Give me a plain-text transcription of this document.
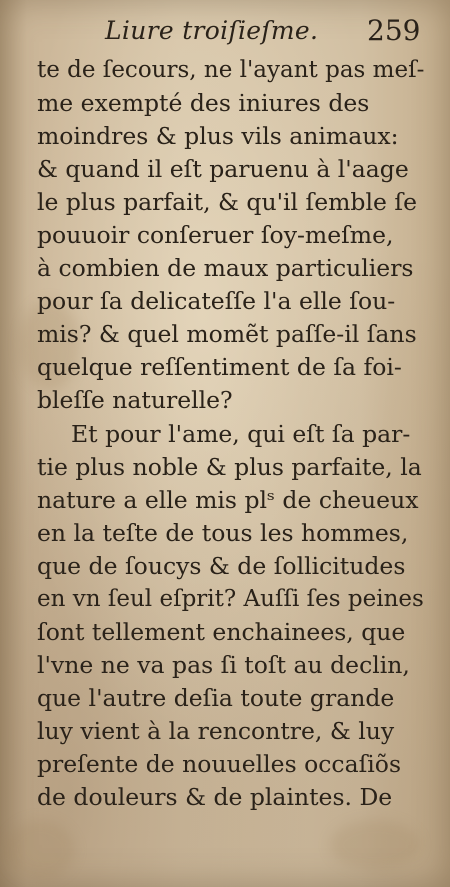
Liure troiſieſme. 259
te de ſecours, ne l'ayant pas meſ-
me exempté des iniures des
moindres & plus vils animaux:
& quand il eſt paruenu à l'aage
le plus parfait, & qu'il ſemble ſe
pouuoir conſeruer ſoy-meſme,
à combien de maux particuliers
pour ſa delicateſſe l'a elle ſou-
mis? & quel momẽt paſſe-il ſans
quelque reſſentiment de ſa foi-
bleſſe naturelle?
Et pour l'ame, qui eſt ſa par-
tie plus noble & plus parfaite, la
nature a elle mis plˢ de cheueux
en la teſte de tous les hommes,
que de ſoucys & de ſollicitudes
en vn ſeul eſprit? Auſſi ſes peines
ſont tellement enchainees, que
l'vne ne va pas ſi toſt au declin,
que l'autre deſia toute grande
luy vient à la rencontre, & luy
preſente de nouuelles occaſiõs
de douleurs & de plaintes. De
